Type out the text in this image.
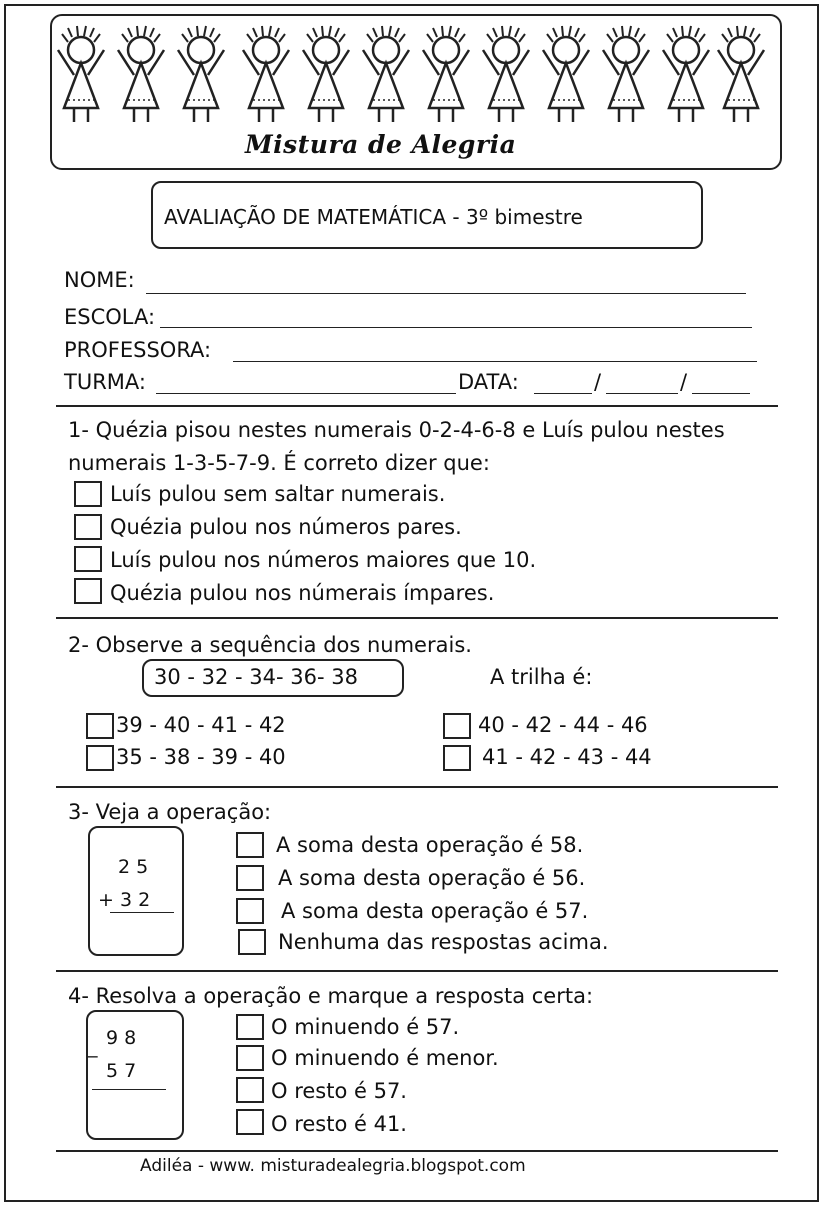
Mistura de Alegria
AVALIAÇÃO DE MATEMÁTICA - 3º bimestre
NOME:
ESCOLA:
PROFESSORA:
TURMA:	DATA:	/	/
1- Quézia pisou nestes numerais 0-2-4-6-8 e Luís pulou nestes
numerais 1-3-5-7-9. É correto dizer que:
Luís pulou sem saltar numerais.
Quézia pulou nos números pares.
Luís pulou nos números maiores que 10.
Quézia pulou nos númerais ímpares.
2- Observe a sequência dos numerais.
30 - 32 - 34- 36- 38	A trilha é:
39 - 40 - 41 - 42	40 - 42 - 44 - 46
35 - 38 - 39 - 40	41 - 42 - 43 - 44
3- Veja a operação:
2 5
+ 3 2
A soma desta operação é 58.
A soma desta operação é 56.
A soma desta operação é 57.
Nenhuma das respostas acima.
4- Resolva a operação e marque a resposta certa:
_ 9 8
5 7
O minuendo é 57.
O minuendo é menor.
O resto é 57.
O resto é 41.
Adiléa - www. misturadealegria.blogspot.com
